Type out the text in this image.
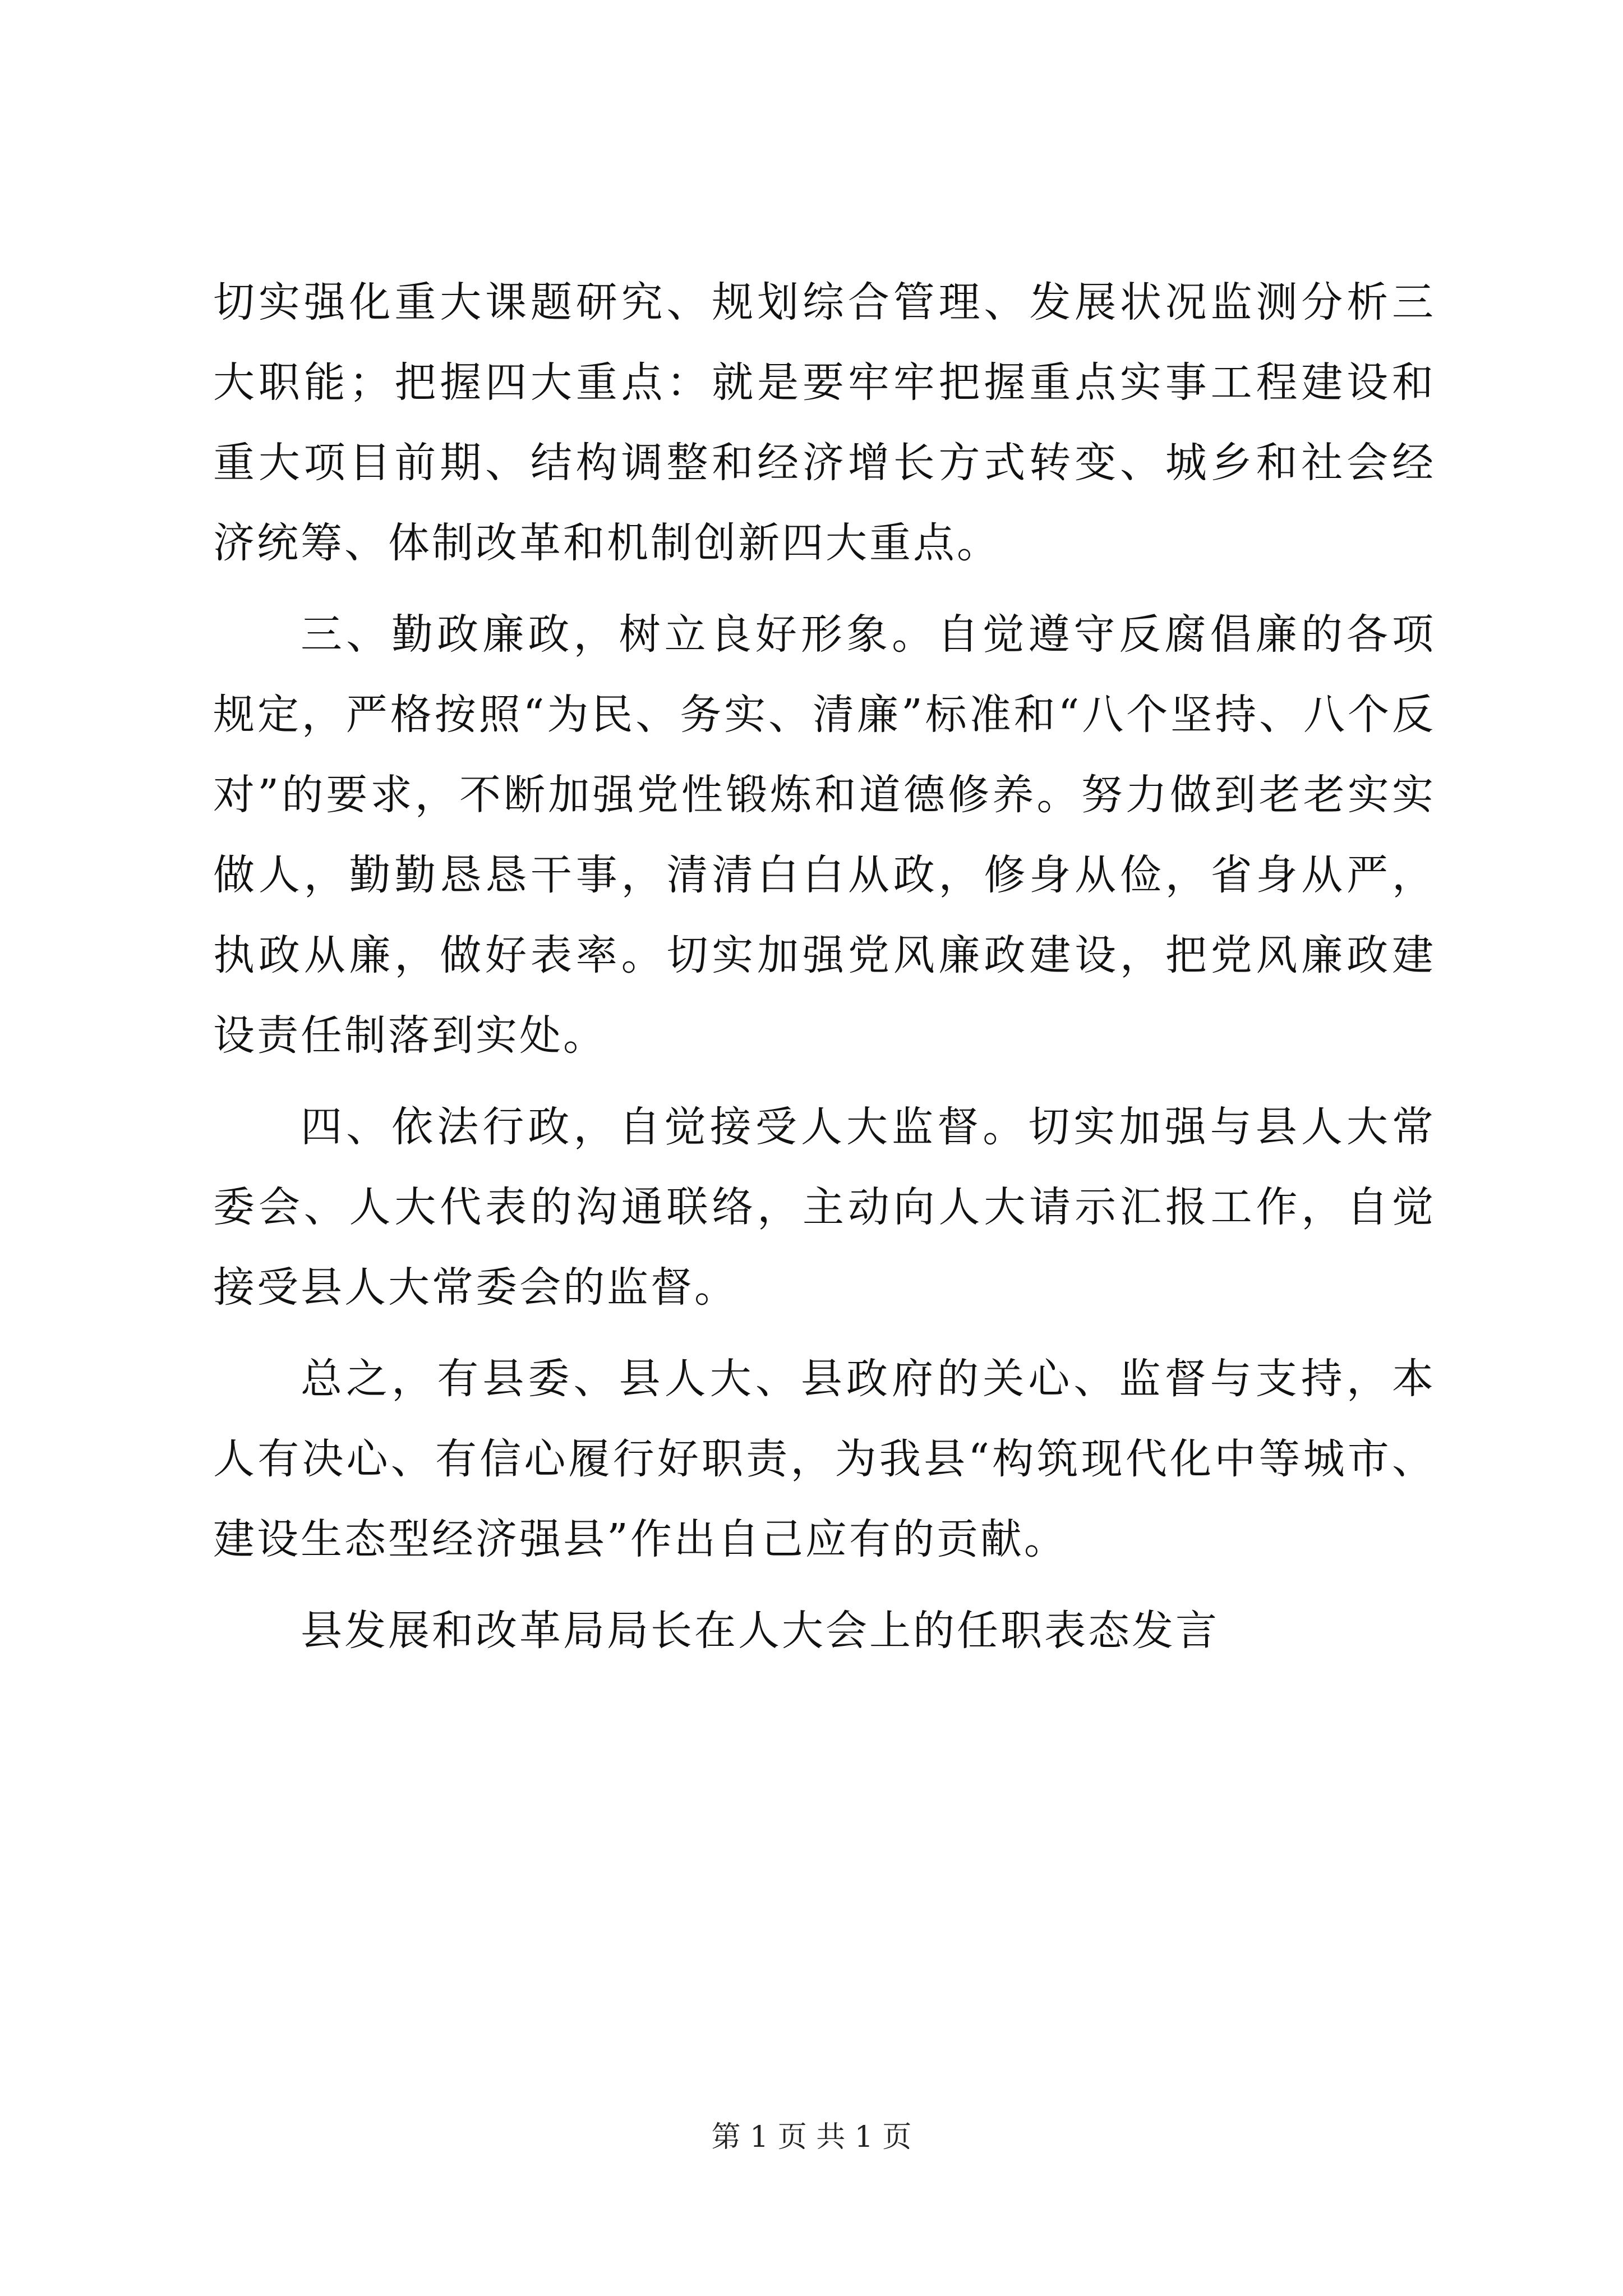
切实强化重大课题研究、规划综合管理、发展状况监测分析三大职能；把握四大重点：就是要牢牢把握重点实事工程建设和重大项目前期、结构调整和经济增长方式转变、城乡和社会经济统筹、体制改革和机制创新四大重点。

三、勤政廉政，树立良好形象。自觉遵守反腐倡廉的各项规定，严格按照“为民、务实、清廉”标准和“八个坚持、八个反对”的要求，不断加强党性锻炼和道德修养。努力做到老老实实做人，勤勤恳恳干事，清清白白从政，修身从俭，省身从严，执政从廉，做好表率。切实加强党风廉政建设，把党风廉政建设责任制落到实处。

四、依法行政，自觉接受人大监督。切实加强与县人大常委会、人大代表的沟通联络，主动向人大请示汇报工作，自觉接受县人大常委会的监督。

总之，有县委、县人大、县政府的关心、监督与支持，本人有决心、有信心履行好职责，为我县“构筑现代化中等城市、建设生态型经济强县”作出自己应有的贡献。

县发展和改革局局长在人大会上的任职表态发言

第 1 页 共 1 页
